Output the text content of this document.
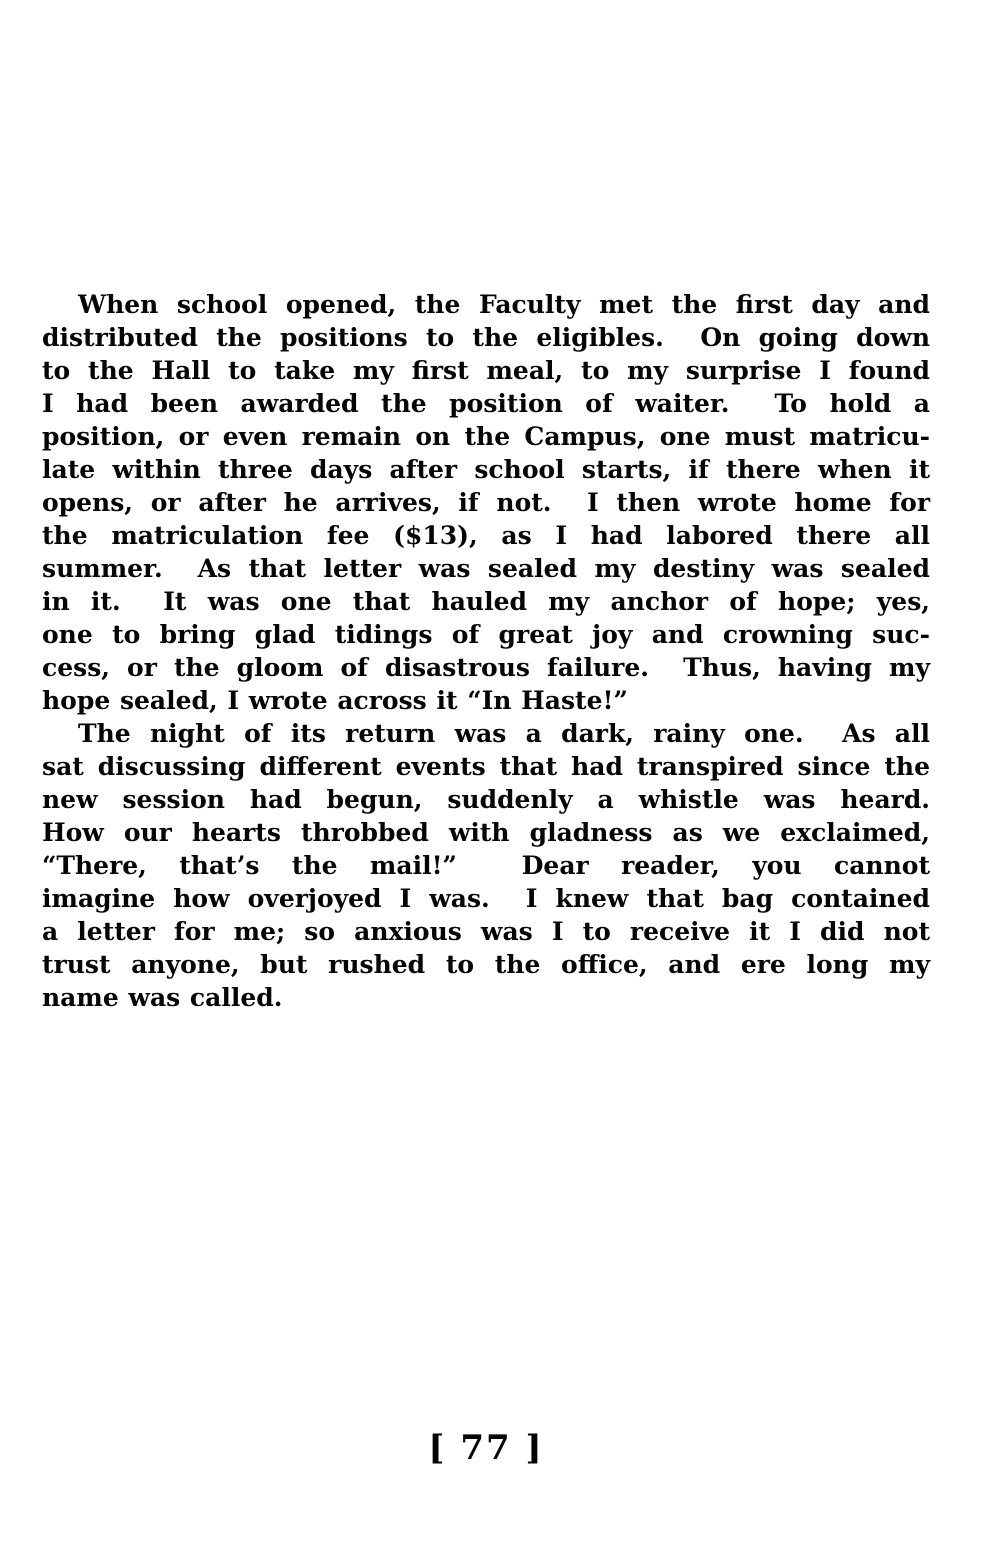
When school opened, the Faculty met the first day and
distributed the positions to the eligibles.  On going down
to the Hall to take my first meal, to my surprise I found
I had been awarded the position of waiter.  To hold a
position, or even remain on the Campus, one must matricu-
late within three days after school starts, if there when it
opens, or after he arrives, if not.  I then wrote home for
the matriculation fee ($13), as I had labored there all
summer.  As that letter was sealed my destiny was sealed
in it.  It was one that hauled my anchor of hope; yes,
one to bring glad tidings of great joy and crowning suc-
cess, or the gloom of disastrous failure.  Thus, having my
hope sealed, I wrote across it “In Haste!”

The night of its return was a dark, rainy one.  As all
sat discussing different events that had transpired since the
new session had begun, suddenly a whistle was heard.
How our hearts throbbed with gladness as we exclaimed,
“There, that’s the mail!”  Dear reader, you cannot
imagine how overjoyed I was.  I knew that bag contained
a letter for me; so anxious was I to receive it I did not
trust anyone, but rushed to the office, and ere long my
name was called.

[ 77 ]
